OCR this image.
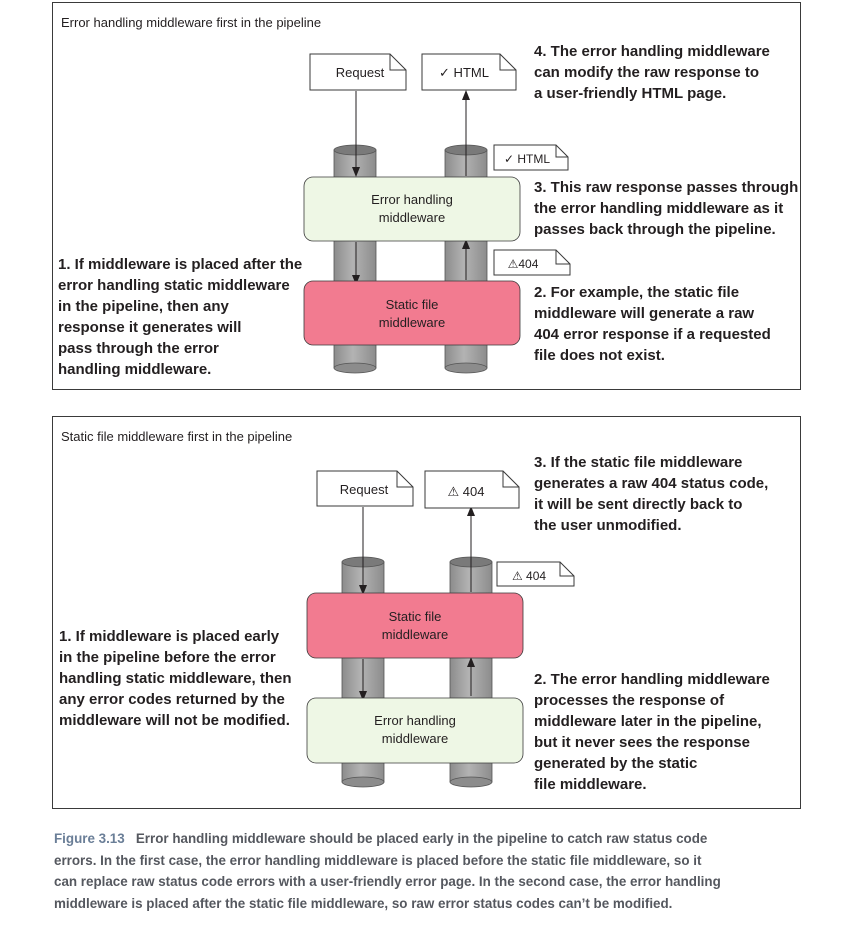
Error handling middleware first in the pipeline
Static file middleware first in the pipeline
Error handling
middleware
Static file
middleware
Request	✓ HTML
✓ HTML
⚠404
Static file
middleware
Error handling
middleware
Request	⚠ 404
⚠ 404
1. If middleware is placed after the
error handling static middleware
in the pipeline, then any
response it generates will
pass through the error
handling middleware.
2. For example, the static file
middleware will generate a raw
404 error response if a requested
file does not exist.
3. This raw response passes through
the error handling middleware as it
passes back through the pipeline.
4. The error handling middleware
can modify the raw response to
a user-friendly HTML page.
1. If middleware is placed early
in the pipeline before the error
handling static middleware, then
any error codes returned by the
middleware will not be modified.
2. The error handling middleware
processes the response of
middleware later in the pipeline,
but it never sees the response
generated by the static
file middleware.
3. If the static file middleware
generates a raw 404 status code,
it will be sent directly back to
the user unmodified.
Figure 3.13 Error handling middleware should be placed early in the pipeline to catch raw status code
errors. In the first case, the error handling middleware is placed before the static file middleware, so it
can replace raw status code errors with a user-friendly error page. In the second case, the error handling
middleware is placed after the static file middleware, so raw error status codes can’t be modified.
